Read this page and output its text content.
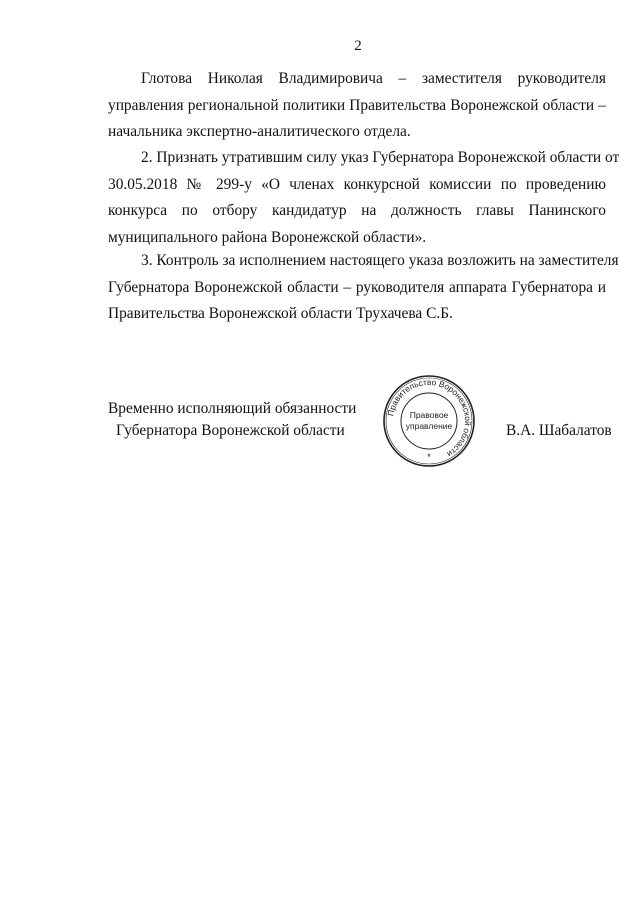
2
Глотова Николая Владимировича – заместителя руководителя
управления региональной политики Правительства Воронежской области –
начальника экспертно-аналитического отдела.
2. Признать утратившим силу указ Губернатора Воронежской области от
30.05.2018 № 299-у «О членах конкурсной комиссии по проведению
конкурса по отбору кандидатур на должность главы Панинского
муниципального района Воронежской области».
3. Контроль за исполнением настоящего указа возложить на заместителя
Губернатора Воронежской области – руководителя аппарата Губернатора и
Правительства Воронежской области Трухачева С.Б.
Временно исполняющий обязанности
Губернатора Воронежской области
Правительство Воронежской области
Правовое
управление
*
В.А. Шабалатов
